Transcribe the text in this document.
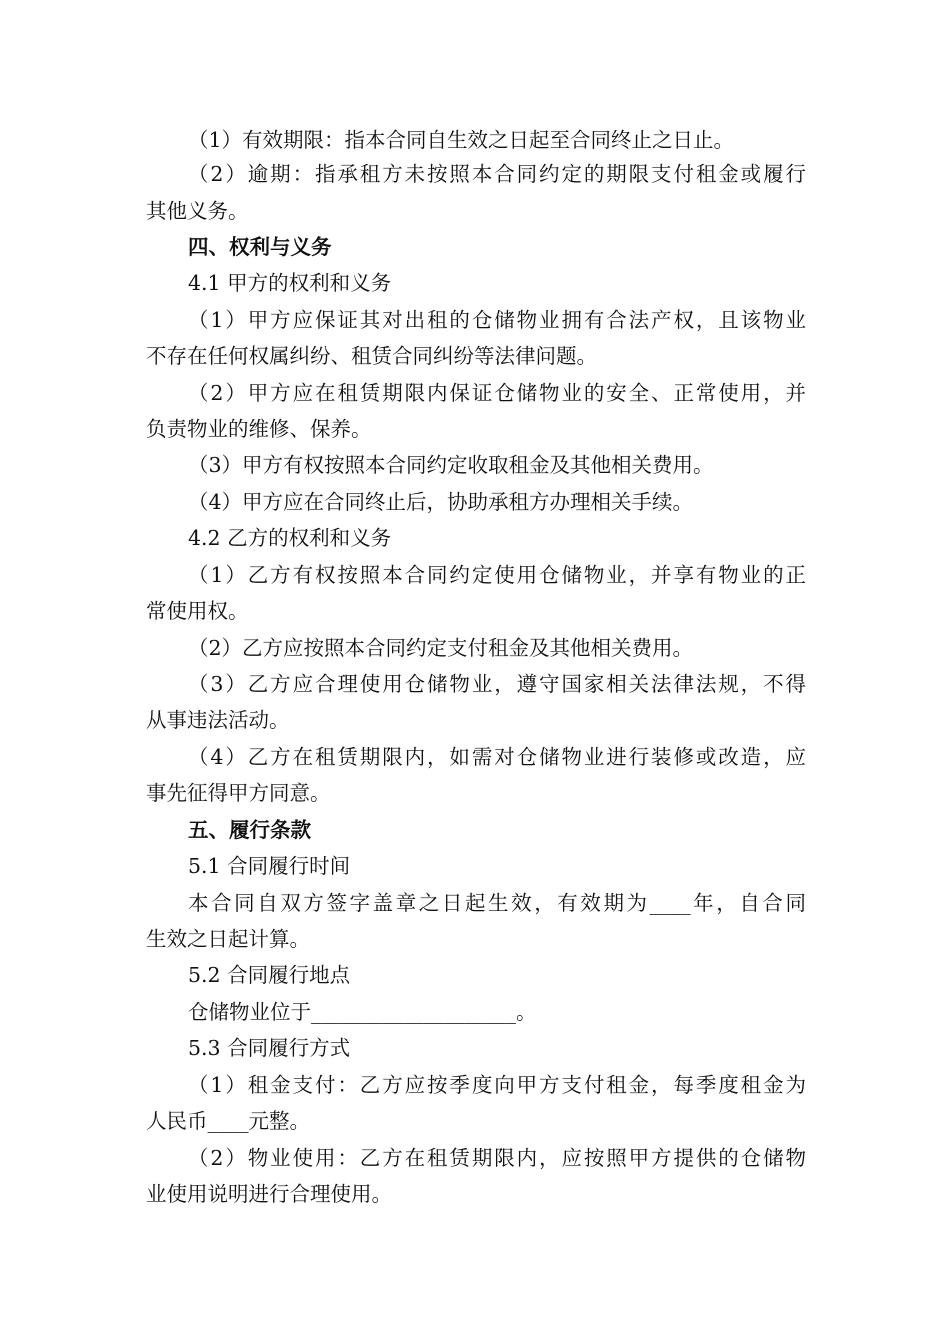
（1）有效期限：指本合同自生效之日起至合同终止之日止。
（2）逾期：指承租方未按照本合同约定的期限支付租金或履行
其他义务。
四、权利与义务
4.1 甲方的权利和义务
（1）甲方应保证其对出租的仓储物业拥有合法产权，且该物业
不存在任何权属纠纷、租赁合同纠纷等法律问题。
（2）甲方应在租赁期限内保证仓储物业的安全、正常使用，并
负责物业的维修、保养。
（3）甲方有权按照本合同约定收取租金及其他相关费用。
（4）甲方应在合同终止后，协助承租方办理相关手续。
4.2 乙方的权利和义务
（1）乙方有权按照本合同约定使用仓储物业，并享有物业的正
常使用权。
（2）乙方应按照本合同约定支付租金及其他相关费用。
（3）乙方应合理使用仓储物业，遵守国家相关法律法规，不得
从事违法活动。
（4）乙方在租赁期限内，如需对仓储物业进行装修或改造，应
事先征得甲方同意。
五、履行条款
5.1 合同履行时间
本合同自双方签字盖章之日起生效，有效期为____年，自合同
生效之日起计算。
5.2 合同履行地点
仓储物业位于____________________。
5.3 合同履行方式
（1）租金支付：乙方应按季度向甲方支付租金，每季度租金为
人民币____元整。
（2）物业使用：乙方在租赁期限内，应按照甲方提供的仓储物
业使用说明进行合理使用。
